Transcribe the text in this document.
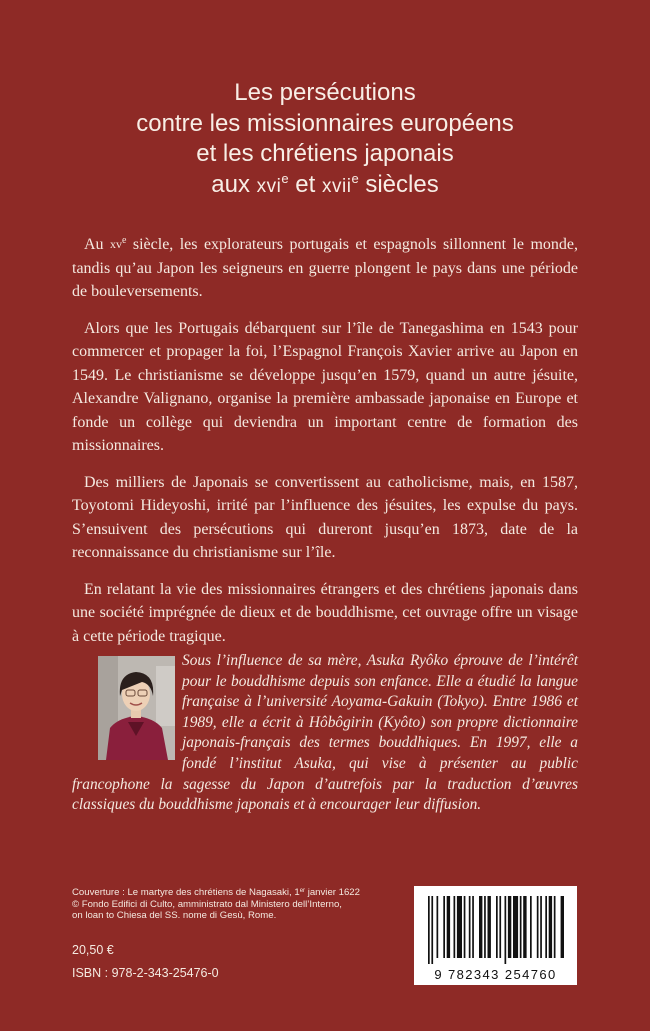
Les persécutions
contre les missionnaires européens
et les chrétiens japonais
aux xvi$^e$ et xvii$^e$ siècles

Au $xv^e$ siècle, les explorateurs portugais et espagnols sillonnent le monde, tandis qu’au Japon les seigneurs en guerre plongent le pays dans une période de bouleversements.

Alors que les Portugais débarquent sur l’île de Tanegashima en 1543 pour commercer et propager la foi, l’Espagnol François Xavier arrive au Japon en 1549. Le christianisme se développe jusqu’en 1579, quand un autre jésuite, Alexandre Valignano, organise la première ambassade japonaise en Europe et fonde un collège qui deviendra un important centre de formation des missionnaires.

Des milliers de Japonais se convertissent au catholicisme, mais, en 1587, Toyotomi Hideyoshi, irrité par l’influence des jésuites, les expulse du pays. S’ensuivent des persécutions qui dureront jusqu’en 1873, date de la reconnaissance du christianisme sur l’île.

En relatant la vie des missionnaires étrangers et des chrétiens japonais dans une société imprégnée de dieux et de bouddhisme, cet ouvrage offre un visage à cette période tragique.

Sous l’influence de sa mère, Asuka Ryôko éprouve de l’intérêt pour le bouddhisme depuis son enfance. Elle a étudié la langue française à l’université Aoyama-Gakuin (Tokyo). Entre 1986 et 1989, elle a écrit à Hôbôgirin (Kyôto) son propre dictionnaire japonais-français des termes bouddhiques. En 1997, elle a fondé l’institut Asuka, qui vise à présenter au public francophone la sagesse du Japon d’autrefois par la traduction d’œuvres classiques du bouddhisme japonais et à encourager leur diffusion.
Couverture : Le martyre des chrétiens de Nagasaki, 1er janvier 1622
© Fondo Edifici di Culto, amministrato dal Ministero dell’Interno,
on loan to Chiesa del SS. nome di Gesù, Rome.
20,50 €
ISBN : 978-2-343-25476-0	9 782343 254760
